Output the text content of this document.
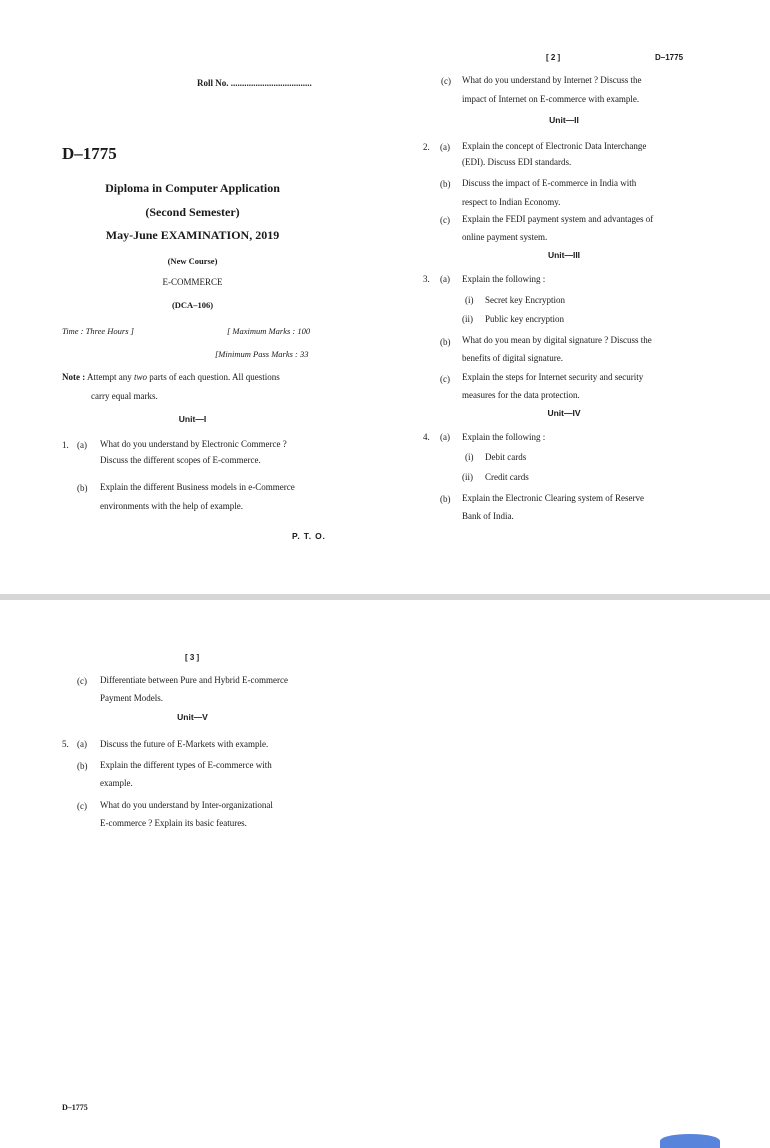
Roll No. ....................................
D–1775
Diploma in Computer Application
(Second Semester)
May-June EXAMINATION, 2019
(New Course)
E-COMMERCE
(DCA–106)
Time : Three Hours ]	[ Maximum Marks : 100
[Minimum Pass Marks : 33
Note : Attempt any two parts of each question. All questions
carry equal marks.
Unit—I
1. (a) What do you understand by Electronic Commerce ?
Discuss the different scopes of E-commerce.
(b) Explain the different Business models in e-Commerce
environments with the help of example.
P. T. O.
[ 2 ]	D–1775
(c) What do you understand by Internet ? Discuss the
impact of Internet on E-commerce with example.
Unit—II
2. (a) Explain the concept of Electronic Data Interchange
(EDI). Discuss EDI standards.
(b) Discuss the impact of E-commerce in India with
respect to Indian Economy.
(c) Explain the FEDI payment system and advantages of
online payment system.
Unit—III
3. (a) Explain the following :
(i) Secret key Encryption
(ii) Public key encryption
(b) What do you mean by digital signature ? Discuss the
benefits of digital signature.
(c) Explain the steps for Internet security and security
measures for the data protection.
Unit—IV
4. (a) Explain the following :
(i) Debit cards
(ii) Credit cards
(b) Explain the Electronic Clearing system of Reserve
Bank of India.
[ 3 ]
(c) Differentiate between Pure and Hybrid E-commerce
Payment Models.
Unit—V
5. (a) Discuss the future of E-Markets with example.
(b) Explain the different types of E-commerce with
example.
(c) What do you understand by Inter-organizational
E-commerce ? Explain its basic features.
D–1775
